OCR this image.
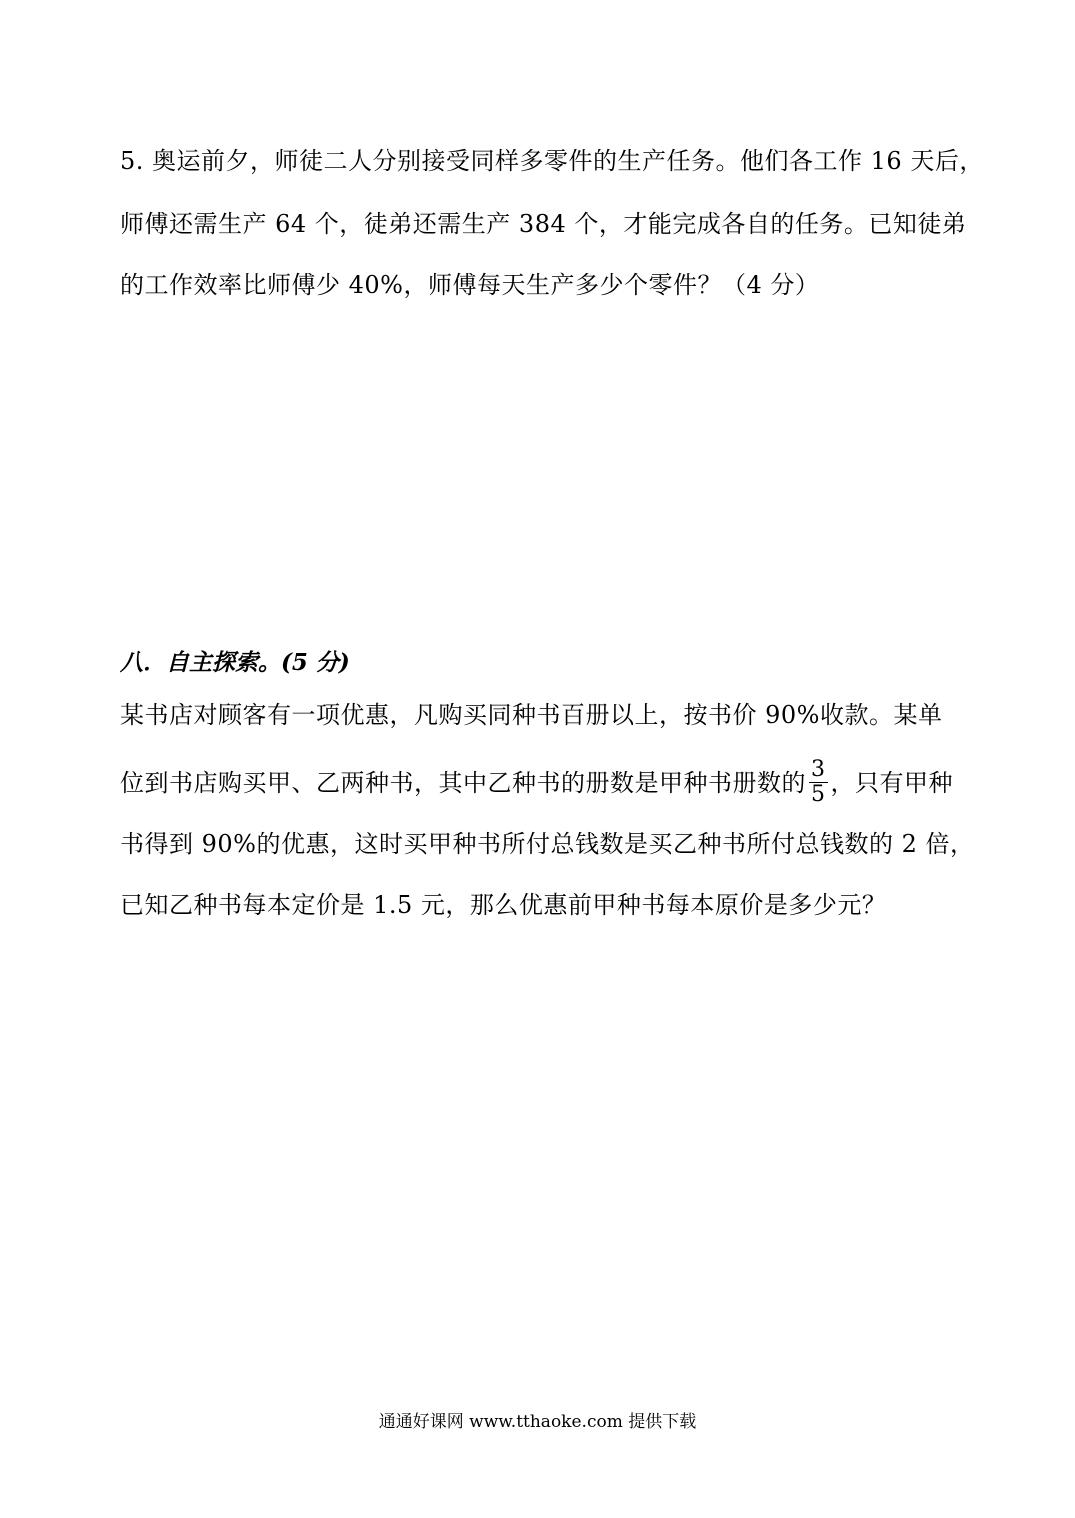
5. 奥运前夕，师徒二人分别接受同样多零件的生产任务。他们各工作 16 天后，
师傅还需生产 64 个，徒弟还需生产 384 个，才能完成各自的任务。已知徒弟
的工作效率比师傅少 40%，师傅每天生产多少个零件？（4 分）
八．自主探索。(5 分)
某书店对顾客有一项优惠，凡购买同种书百册以上，按书价 90%收款。某单
位到书店购买甲、乙两种书，其中乙种书的册数是甲种书册数的 $\frac{3}{5}$ ，只有甲种
书得到 90%的优惠，这时买甲种书所付总钱数是买乙种书所付总钱数的 2 倍，
已知乙种书每本定价是 1.5 元，那么优惠前甲种书每本原价是多少元？
通通好课网 www.tthaoke.com 提供下载
